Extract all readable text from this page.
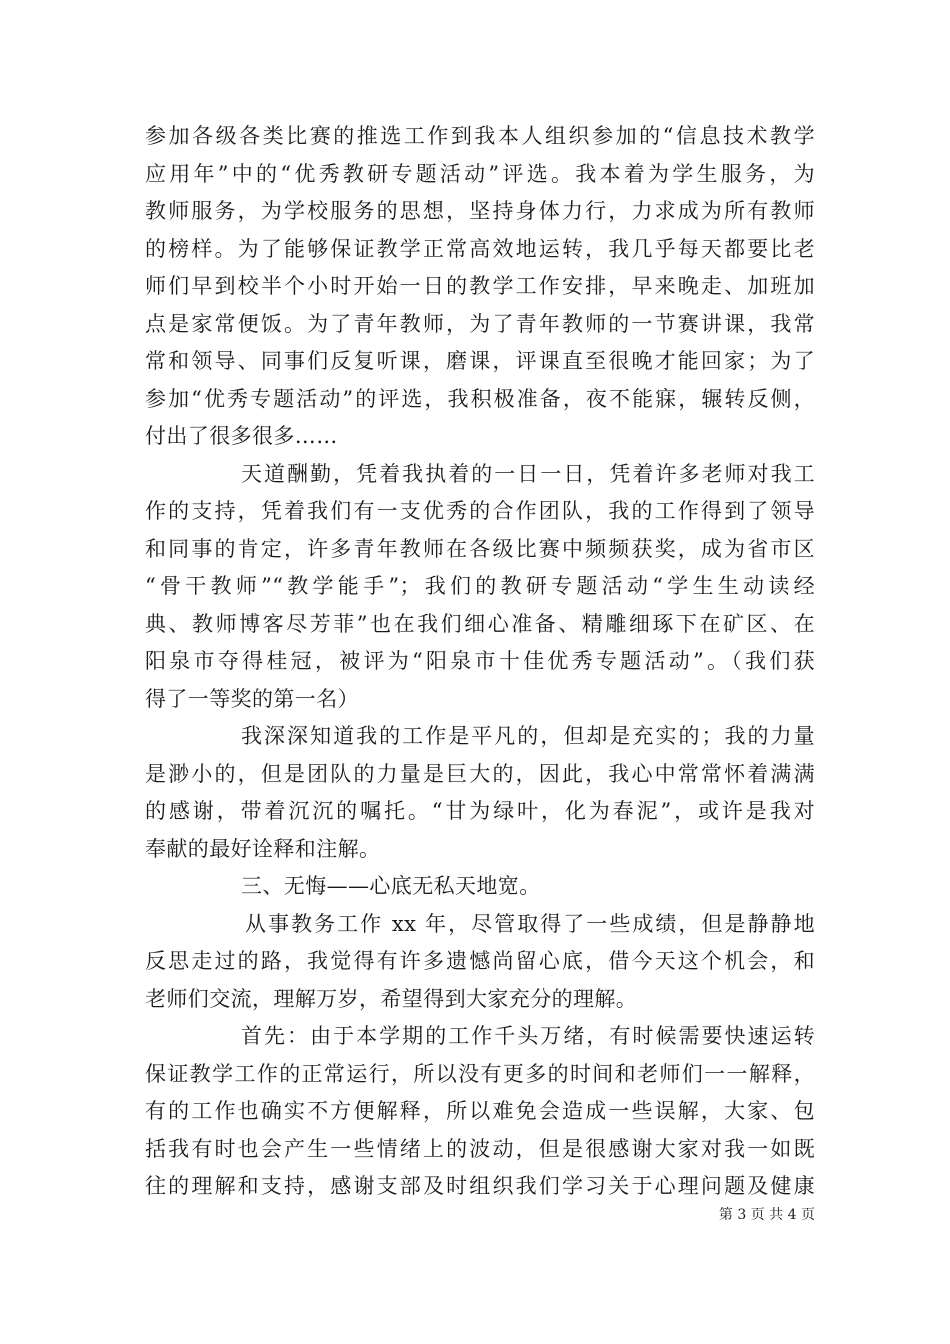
参加各级各类比赛的推选工作到我本人组织参加的“信息技术教学
应用年”中的“优秀教研专题活动”评选。我本着为学生服务，为
教师服务，为学校服务的思想，坚持身体力行，力求成为所有教师
的榜样。为了能够保证教学正常高效地运转，我几乎每天都要比老
师们早到校半个小时开始一日的教学工作安排，早来晚走、加班加
点是家常便饭。为了青年教师，为了青年教师的一节赛讲课，我常
常和领导、同事们反复听课，磨课，评课直至很晚才能回家；为了
参加“优秀专题活动”的评选，我积极准备，夜不能寐，辗转反侧，
付出了很多很多……
天道酬勤，凭着我执着的一日一日，凭着许多老师对我工
作的支持，凭着我们有一支优秀的合作团队，我的工作得到了领导
和同事的肯定，许多青年教师在各级比赛中频频获奖，成为省市区
“骨干教师”“教学能手”；我们的教研专题活动“学生生动读经
典、教师博客尽芳菲”也在我们细心准备、精雕细琢下在矿区、在
阳泉市夺得桂冠，被评为“阳泉市十佳优秀专题活动”。（我们获
得了一等奖的第一名）
我深深知道我的工作是平凡的，但却是充实的；我的力量
是渺小的，但是团队的力量是巨大的，因此，我心中常常怀着满满
的感谢，带着沉沉的嘱托。“甘为绿叶，化为春泥”，或许是我对
奉献的最好诠释和注解。
三、无悔——心底无私天地宽。
从事教务工作 xx 年，尽管取得了一些成绩，但是静静地
反思走过的路，我觉得有许多遗憾尚留心底，借今天这个机会，和
老师们交流，理解万岁，希望得到大家充分的理解。
首先：由于本学期的工作千头万绪，有时候需要快速运转
保证教学工作的正常运行，所以没有更多的时间和老师们一一解释，
有的工作也确实不方便解释，所以难免会造成一些误解，大家、包
括我有时也会产生一些情绪上的波动，但是很感谢大家对我一如既
往的理解和支持，感谢支部及时组织我们学习关于心理问题及健康
第 3 页 共 4 页
